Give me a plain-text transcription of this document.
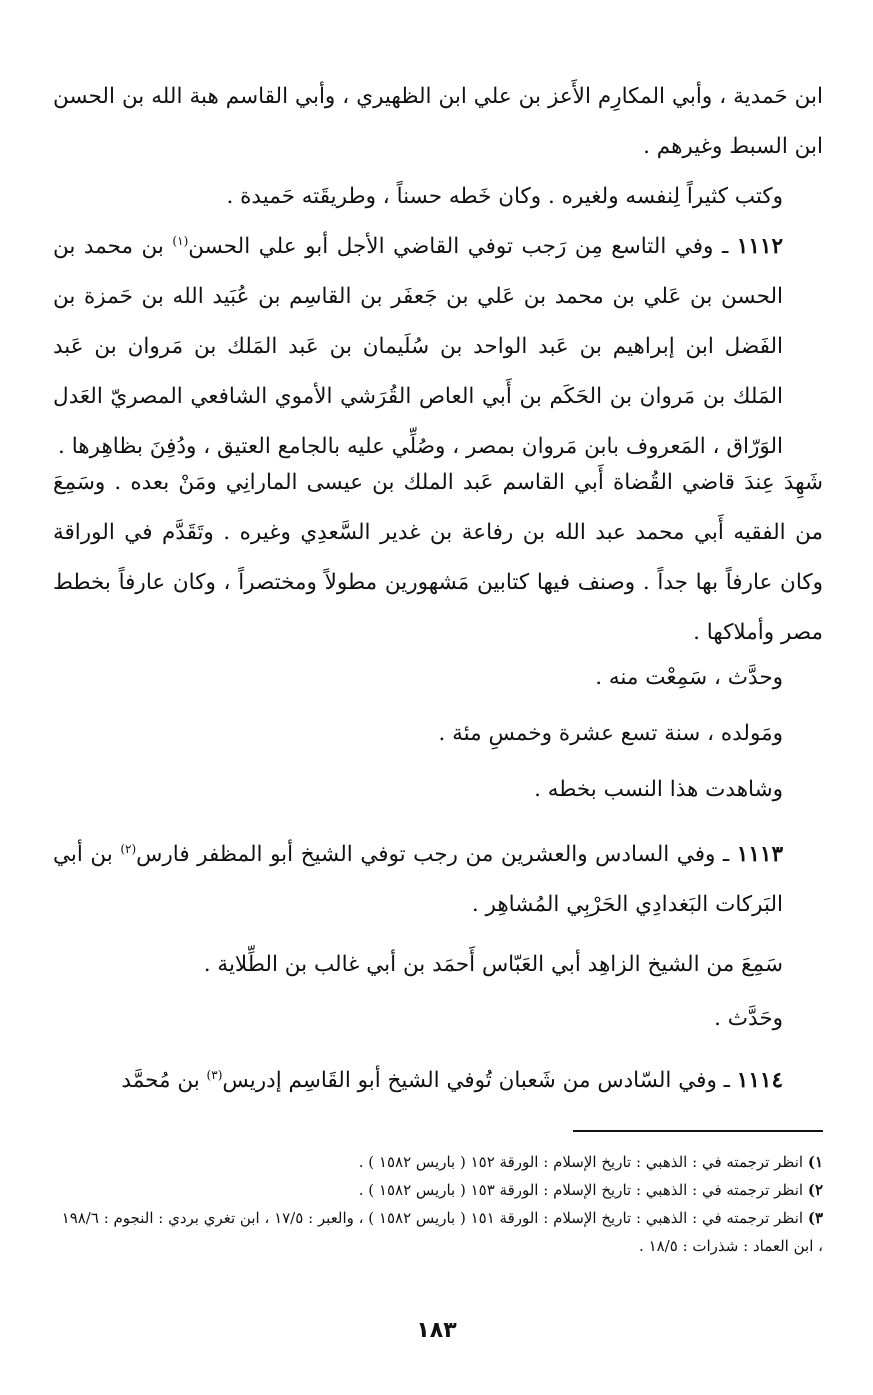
ابن حَمدية ، وأبي المكارِم الأَعز بن علي ابن الظهيري ، وأبي القاسم هبة الله بن الحسن ابن السبط وغيرهم .

وكتب كثيراً لِنفسه ولغيره . وكان خَطه حسناً ، وطريقَته حَميدة .

١١١٢ ـ وفي التاسع مِن رَجب توفي القاضي الأجل أبو علي الحسن$^{(١)}$ بن محمد بن الحسن بن عَلي بن محمد بن عَلي بن جَعفَر بن القاسِم بن عُبَيد الله بن حَمزة بن الفَضل ابن إبراهيم بن عَبد الواحد بن سُلَيمان بن عَبد المَلك بن مَروان بن عَبد المَلك بن مَروان بن الحَكَم بن أَبي العاص القُرَشي الأموي الشافعي المصريّ العَدل الوَرّاق ، المَعروف بابن مَروان بمصر ، وصُلِّي عليه بالجامع العتيق ، ودُفِنَ بظاهِرها .

شَهِدَ عِندَ قاضي القُضاة أَبي القاسم عَبد الملك بن عيسى المارانِي ومَنْ بعده . وسَمِعَ من الفقيه أَبي محمد عبد الله بن رفاعة بن غدير السَّعدِي وغيره . وتَقَدَّم في الوراقة وكان عارفاً بها جداً . وصنف فيها كتابين مَشهورين مطولاً ومختصراً ، وكان عارفاً بخطط مصر وأملاكها .

وحدَّث ، سَمِعْت منه .

ومَولده ، سنة تسع عشرة وخمسِ مئة .

وشاهدت هذا النسب بخطه .

١١١٣ ـ وفي السادس والعشرين من رجب توفي الشيخ أبو المظفر فارس$^{(٢)}$ بن أبي البَركات البَغدادِي الحَرْبِي المُشاهِر .

سَمِعَ من الشيخ الزاهِد أبي العَبّاس أَحمَد بن أبي غالب بن الطِّلاية .

وحَدَّث .

١١١٤ ـ وفي السّادس من شَعبان تُوفي الشيخ أبو القَاسِم إدريس$^{(٣)}$ بن مُحمَّد

١) انظر ترجمته في : الذهبي : تاريخ الإسلام : الورقة ١٥٢ ( باريس ١٥٨٢ ) .

٢) انظر ترجمته في : الذهبي : تاريخ الإسلام : الورقة ١٥٣ ( باريس ١٥٨٢ ) .

٣) انظر ترجمته في : الذهبي : تاريخ الإسلام : الورقة ١٥١ ( باريس ١٥٨٢ ) ، والعبر : ١٧/٥ ، ابن تغري بردي : النجوم : ١٩٨/٦ ، ابن العماد : شذرات : ١٨/٥ .

١٨٣
